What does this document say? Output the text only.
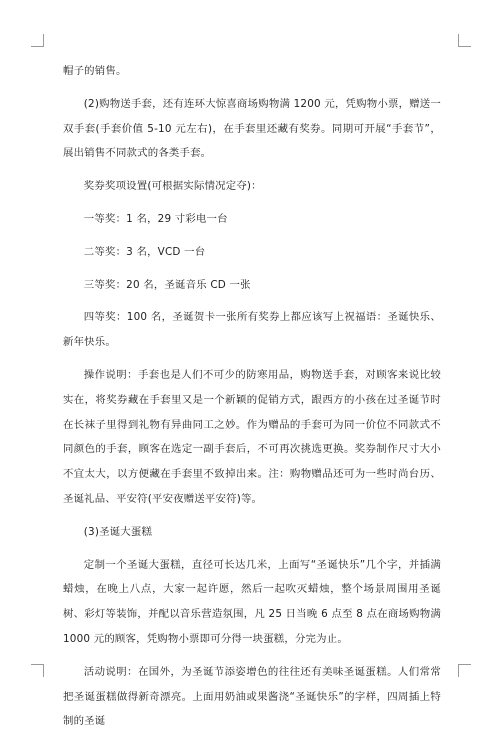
帽子的销售。

(2)购物送手套，还有连环大惊喜商场购物满 1200 元，凭购物小票，赠送一双手套(手套价值 5-10 元左右)，在手套里还藏有奖券。同期可开展“手套节”，展出销售不同款式的各类手套。

奖券奖项设置(可根据实际情况定夺)：

一等奖：1 名，29 寸彩电一台

二等奖：3 名，VCD 一台

三等奖：20 名，圣诞音乐 CD 一张

四等奖：100 名，圣诞贺卡一张所有奖券上都应该写上祝福语：圣诞快乐、新年快乐。

操作说明：手套也是人们不可少的防寒用品，购物送手套，对顾客来说比较实在，将奖券藏在手套里又是一个新颖的促销方式，跟西方的小孩在过圣诞节时在长袜子里得到礼物有异曲同工之妙。作为赠品的手套可为同一价位不同款式不同颜色的手套，顾客在选定一副手套后，不可再次挑选更换。奖券制作尺寸大小不宜太大，以方便藏在手套里不致掉出来。注：购物赠品还可为一些时尚台历、圣诞礼品、平安符(平安夜赠送平安符)等。

(3)圣诞大蛋糕

定制一个圣诞大蛋糕，直径可长达几米，上面写“圣诞快乐”几个字，并插满蜡烛，在晚上八点，大家一起许愿，然后一起吹灭蜡烛，整个场景周围用圣诞树、彩灯等装饰，并配以音乐营造氛围，凡 25 日当晚 6 点至 8 点在商场购物满 1000 元的顾客，凭购物小票即可分得一块蛋糕，分完为止。

活动说明：在国外，为圣诞节添姿增色的往往还有美味圣诞蛋糕。人们常常把圣诞蛋糕做得新奇漂亮。上面用奶油或果酱浇“圣诞快乐”的字样，四周插上特制的圣诞
